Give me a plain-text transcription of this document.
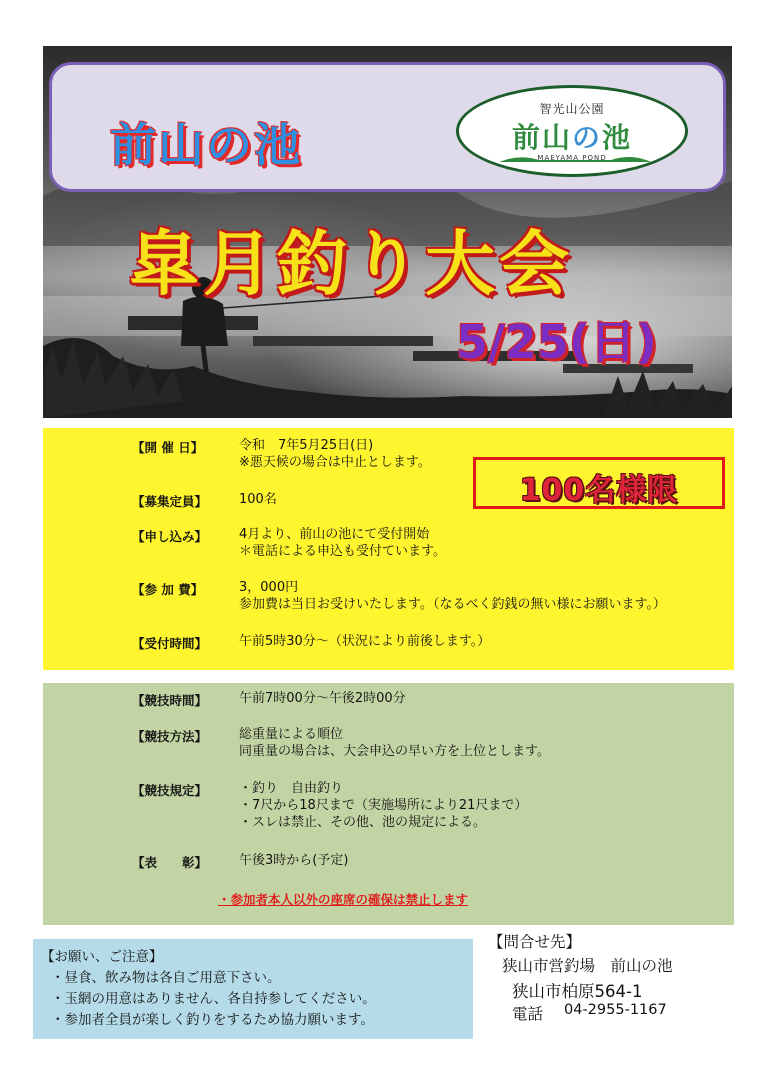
前山の池
智光山公園
前山の池
MAEYAMA POND
皐月釣り大会
5/25(日)
【開 催 日】	令和　7年5月25日(日)
※悪天候の場合は中止とします。
【募集定員】 100名
【申し込み】 4月より、前山の池にて受付開始
＊電話による申込も受付ています。
【参 加 費】	3，000円
参加費は当日お受けいたします。（なるべく釣銭の無い様にお願います。）
【受付時間】 午前5時30分～（状況により前後します。）
100名様限
【競技時間】 午前7時00分～午後2時00分
【競技方法】 総重量による順位
同重量の場合は、大会申込の早い方を上位とします。
【競技規定】 ・釣り　自由釣り
・7尺から18尺まで（実施場所により21尺まで）
・スレは禁止、その他、池の規定による。
【表　　彰】 午後3時から(予定)
・参加者本人以外の座席の確保は禁止します
【お願い、ご注意】
・昼食、飲み物は各自ご用意下さい。
・玉網の用意はありません、各自持参してください。
・参加者全員が楽しく釣りをするため協力願います。
【問合せ先】
狭山市営釣場　前山の池
狭山市柏原564-1
電話 04-2955-1167
